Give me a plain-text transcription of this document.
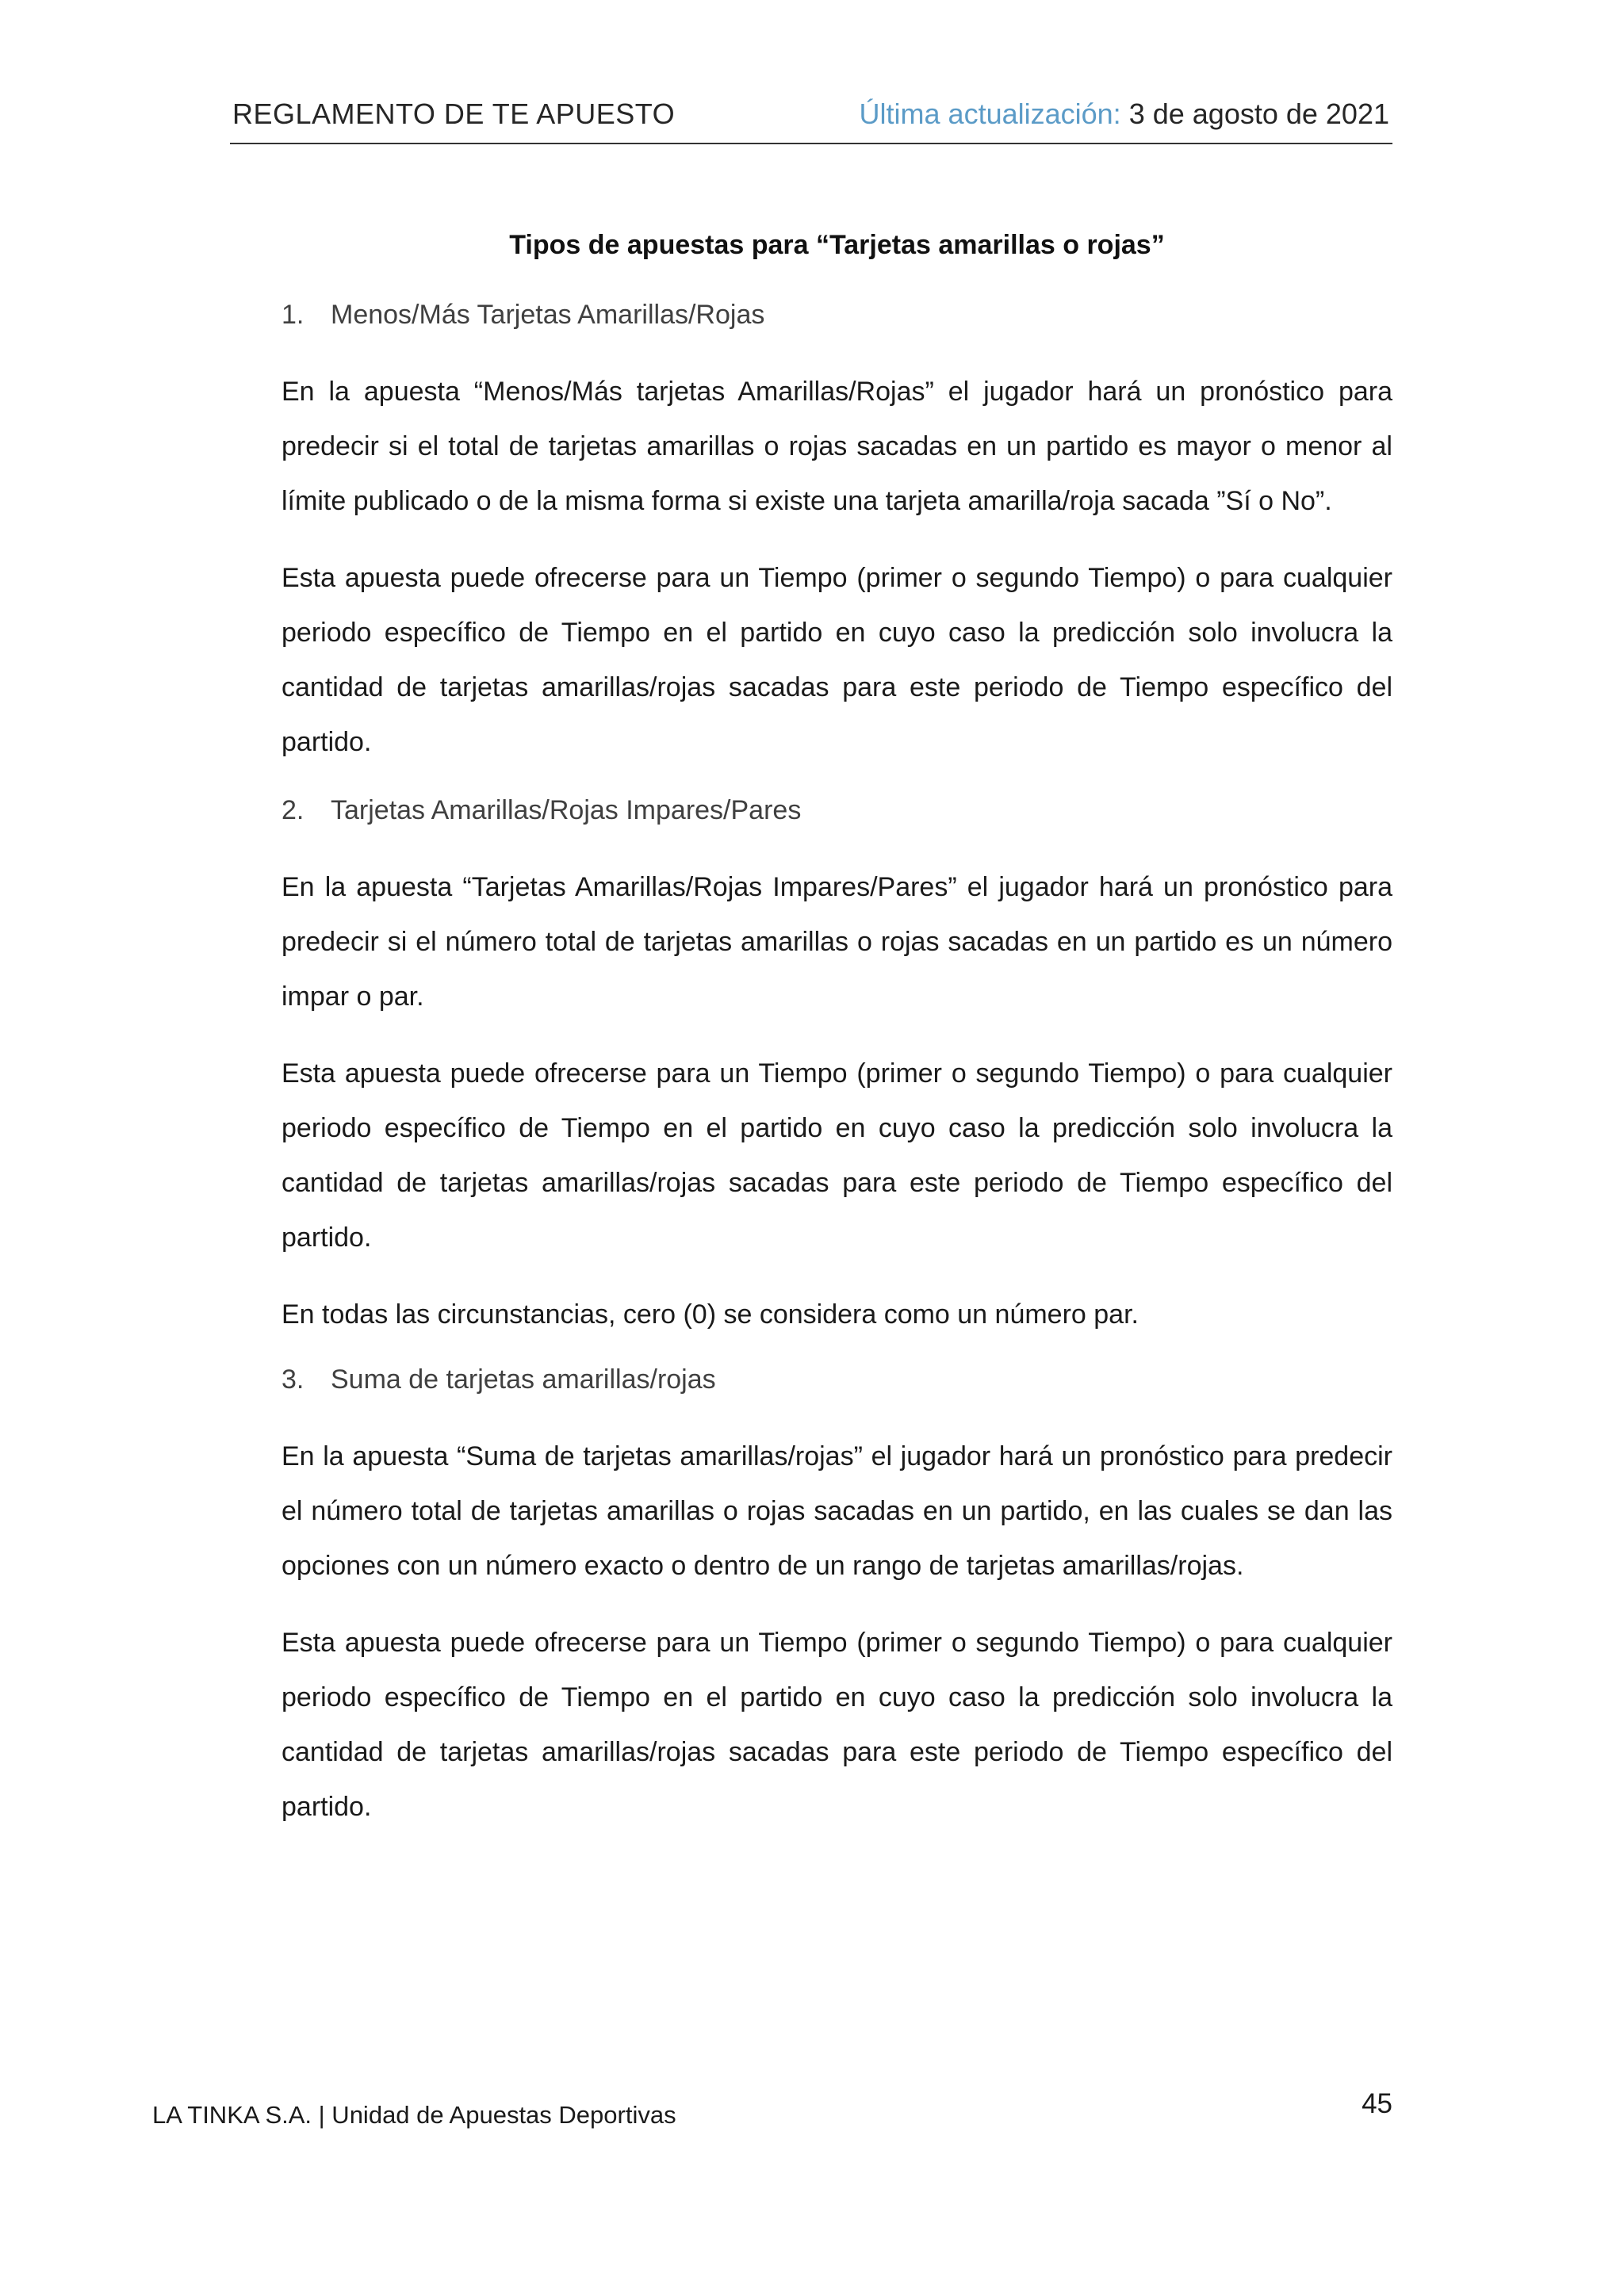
REGLAMENTO DE TE APUESTO	Última actualización: 3 de agosto de 2021
Tipos de apuestas para “Tarjetas amarillas o rojas”
1. Menos/Más Tarjetas Amarillas/Rojas

En la apuesta “Menos/Más tarjetas Amarillas/Rojas” el jugador hará un pronóstico para predecir si el total de tarjetas amarillas o rojas sacadas en un partido es mayor o menor al límite publicado o de la misma forma si existe una tarjeta amarilla/roja sacada ”Sí o No”.

Esta apuesta puede ofrecerse para un Tiempo (primer o segundo Tiempo) o para cualquier periodo específico de Tiempo en el partido en cuyo caso la predicción solo involucra la cantidad de tarjetas amarillas/rojas sacadas para este periodo de Tiempo específico del partido.

2. Tarjetas Amarillas/Rojas Impares/Pares

En la apuesta “Tarjetas Amarillas/Rojas Impares/Pares” el jugador hará un pronóstico para predecir si el número total de tarjetas amarillas o rojas sacadas en un partido es un número impar o par.

Esta apuesta puede ofrecerse para un Tiempo (primer o segundo Tiempo) o para cualquier periodo específico de Tiempo en el partido en cuyo caso la predicción solo involucra la cantidad de tarjetas amarillas/rojas sacadas para este periodo de Tiempo específico del partido.

En todas las circunstancias, cero (0) se considera como un número par.

3. Suma de tarjetas amarillas/rojas

En la apuesta “Suma de tarjetas amarillas/rojas” el jugador hará un pronóstico para predecir el número total de tarjetas amarillas o rojas sacadas en un partido, en las cuales se dan las opciones con un número exacto o dentro de un rango de tarjetas amarillas/rojas.

Esta apuesta puede ofrecerse para un Tiempo (primer o segundo Tiempo) o para cualquier periodo específico de Tiempo en el partido en cuyo caso la predicción solo involucra la cantidad de tarjetas amarillas/rojas sacadas para este periodo de Tiempo específico del partido.

LA TINKA S.A. | Unidad de Apuestas Deportivas	45
